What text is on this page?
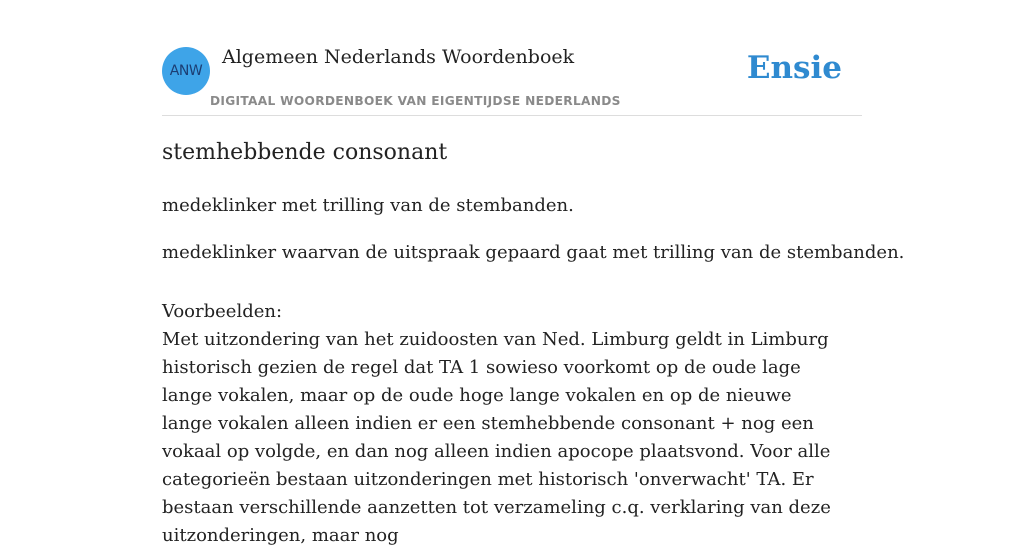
ANW
Algemeen Nederlands Woordenboek
DIGITAAL WOORDENBOEK VAN EIGENTIJDSE NEDERLANDS
Ensie
stemhebbende consonant

medeklinker met trilling van de stembanden.

medeklinker waarvan de uitspraak gepaard gaat met trilling van de stembanden.

Voorbeelden:
Met uitzondering van het zuidoosten van Ned. Limburg geldt in Limburg historisch gezien de regel dat TA 1 sowieso voorkomt op de oude lage lange vokalen, maar op de oude hoge lange vokalen en op de nieuwe lange vokalen alleen indien er een stemhebbende consonant + nog een vokaal op volgde, en dan nog alleen indien apocope plaatsvond. Voor alle categorieën bestaan uitzonderingen met historisch 'onverwacht' TA. Er bestaan verschillende aanzetten tot verzameling c.q. verklaring van deze uitzonderingen, maar nog
